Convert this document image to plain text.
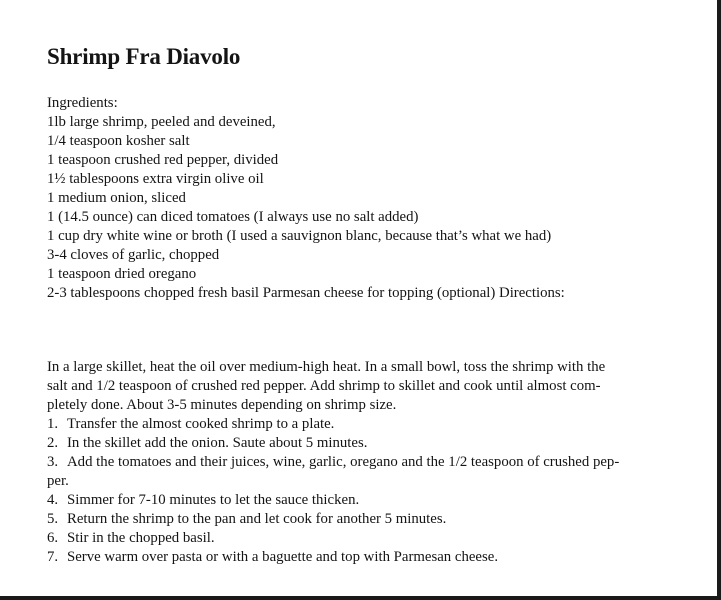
Shrimp Fra Diavolo
Ingredients:
1lb large shrimp, peeled and deveined,
1/4 teaspoon kosher salt
1 teaspoon crushed red pepper, divided
1½ tablespoons extra virgin olive oil
1 medium onion, sliced
1 (14.5 ounce) can diced tomatoes (I always use no salt added)
1 cup dry white wine or broth (I used a sauvignon blanc, because that’s what we had)
3-4 cloves of garlic, chopped
1 teaspoon dried oregano
2-3 tablespoons chopped fresh basil Parmesan cheese for topping (optional) Directions:
In a large skillet, heat the oil over medium-high heat. In a small bowl, toss the shrimp with the
salt and 1/2 teaspoon of crushed red pepper. Add shrimp to skillet and cook until almost com-
pletely done. About 3-5 minutes depending on shrimp size.
1. Transfer the almost cooked shrimp to a plate.
2. In the skillet add the onion. Saute about 5 minutes.
3. Add the tomatoes and their juices, wine, garlic, oregano and the 1/2 teaspoon of crushed pep-
per.
4. Simmer for 7-10 minutes to let the sauce thicken.
5. Return the shrimp to the pan and let cook for another 5 minutes.
6. Stir in the chopped basil.
7. Serve warm over pasta or with a baguette and top with Parmesan cheese.
